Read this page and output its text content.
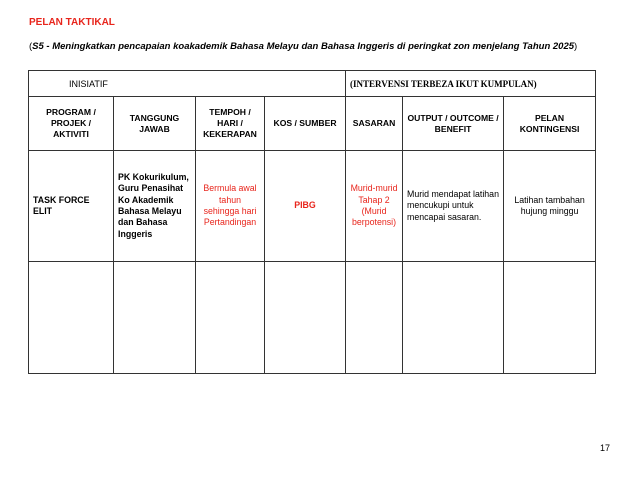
PELAN TAKTIKAL
(S5 - Meningkatkan pencapaian koakademik Bahasa Melayu dan Bahasa Inggeris di peringkat zon menjelang Tahun 2025)
INISIATIF				(INTERVENSI TERBEZA IKUT KUMPULAN)		
PROGRAM / PROJEK / AKTIVITI	TANGGUNG JAWAB	TEMPOH / HARI / KEKERAPAN	KOS / SUMBER	SASARAN	OUTPUT / OUTCOME / BENEFIT	PELAN KONTINGENSI
TASK FORCE ELIT	PK Kokurikulum, Guru Penasihat Ko Akademik Bahasa Melayu dan Bahasa Inggeris	Bermula awal tahun sehingga hari Pertandingan	PIBG	Murid-murid Tahap 2 (Murid berpotensi)	Murid mendapat latihan mencukupi untuk mencapai sasaran.	Latihan tambahan hujung minggu

17
